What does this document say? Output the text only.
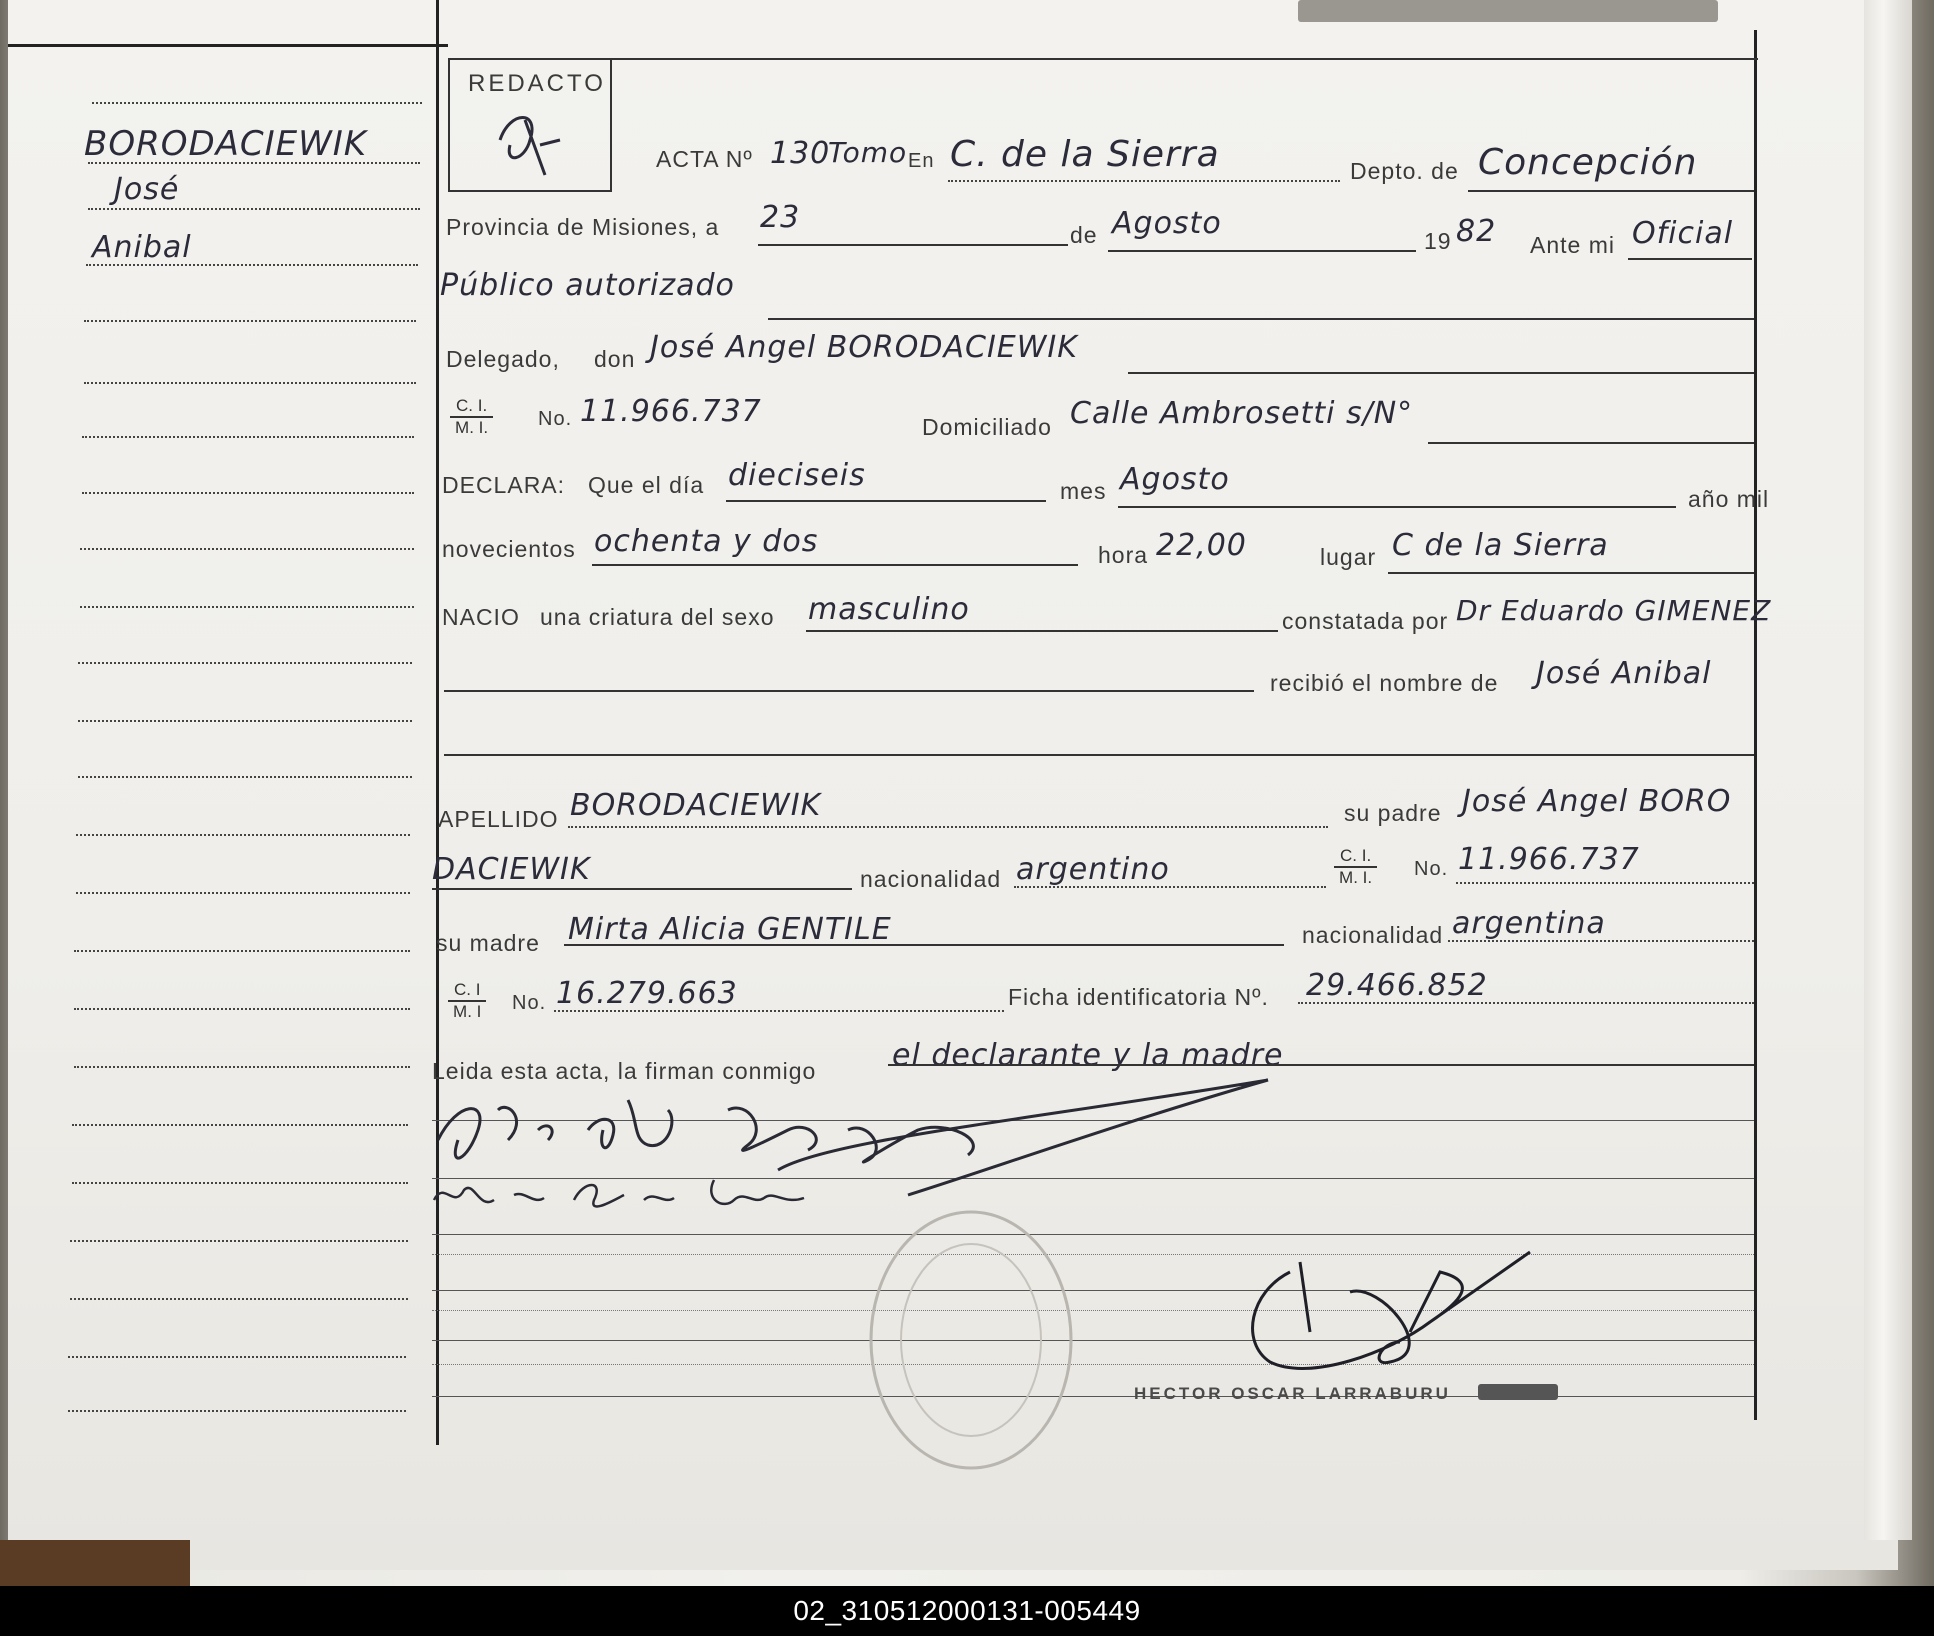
BORODACIEWIK
José
Anibal
REDACTO
ACTA Nº 130
Tomo En C. de la Sierra	Depto. de Concepción
Provincia de Misiones, a 23	de Agosto	19 82 Ante mi Oficial
Público autorizado
Delegado, don José Angel BORODACIEWIK
$\frac{C. I.}{M. I.} No$. 11.966.737	Domiciliado Calle Ambrosetti s/N°
DECLARA: Que el día dieciseis	mes Agosto
año mil
novecientos ochenta y dos	hora 22,00	lugar C de la Sierra
NACIO una criatura del sexo masculino	constatada por Dr Eduardo GIMENEZ
recibió el nombre de José Anibal
APELLIDO BORODACIEWIK	su padre José Angel BORO
DACIEWIK	nacionalidad argentino	$\frac{C. I.}{M. I.} No$. 11.966.737
su madre Mirta Alicia GENTILE	nacionalidad argentina
$\frac{C. I}{M. I} No$. 16.279.663	Ficha identificatoria Nº. 29.466.852
Leida esta acta, la firman conmigo	el declarante y la madre
HECTOR OSCAR LARRABURU
02_310512000131-005449
